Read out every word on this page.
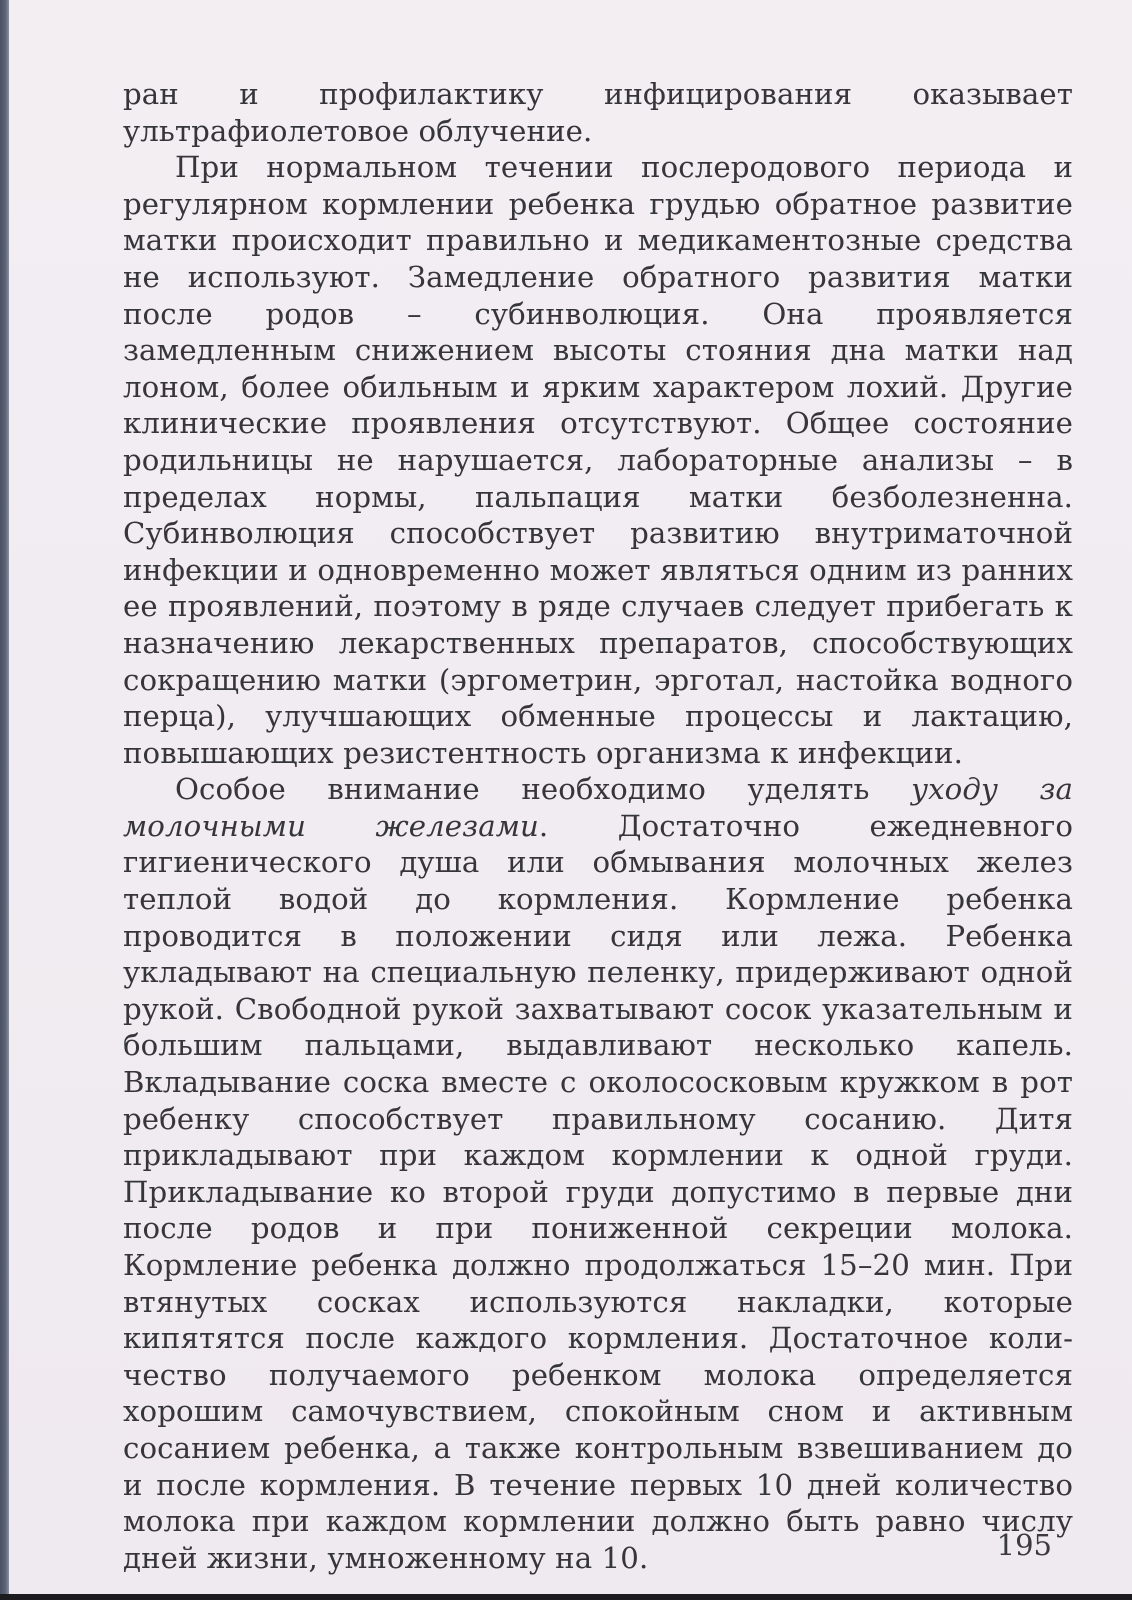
ран и профилактику инфицирования оказывает ультрафиолетовое облучение.

При нормальном течении послеродового периода и регулярном кормлении ребенка грудью обратное развитие матки происходит правильно и медикаментозные средства не используют. Замедление обратного развития матки после родов – субинволюция. Она проявляется замедленным снижением высоты стояния дна матки над лоном, более обильным и ярким характером лохий. Другие клинические проявления отсутствуют. Общее состояние родильницы не нарушается, лабораторные анализы – в пределах нормы, пальпация матки безболезненна. Субинволюция способствует развитию внутриматочной инфекции и одновременно может являться одним из ранних ее проявлений, поэтому в ряде случаев следует прибегать к назначению лекарственных препаратов, способствующих сокращению матки (эргометрин, эрготал, настойка водного перца), улучшающих обменные процессы и лактацию, повышающих резистентность организма к инфекции.

Особое внимание необходимо уделять уходу за молочными железами. Достаточно ежедневного гигиенического душа или обмывания молочных желез теплой водой до кормления. Кормление ребенка проводится в положении сидя или лежа. Ребенка укладывают на специальную пеленку, придерживают одной рукой. Свободной рукой захватывают сосок указательным и большим пальцами, выдавливают несколько капель. Вкладывание соска вместе с околососковым кружком в рот ребенку способствует правильному сосанию. Дитя прикладывают при каждом кормлении к одной груди. Прикладывание ко второй груди допустимо в первые дни после родов и при пониженной секреции молока. Кормление ребенка должно продолжаться 15–20 мин. При втянутых сосках используются накладки, которые кипятятся после каждого кормления. Достаточное количество получаемого ребенком молока определяется хорошим самочувствием, спокойным сном и активным сосанием ребенка, а также контрольным взвешиванием до и после кормления. В течение первых 10 дней количество молока при каждом кормлении должно быть равно числу дней жизни, умноженному на 10.	195
